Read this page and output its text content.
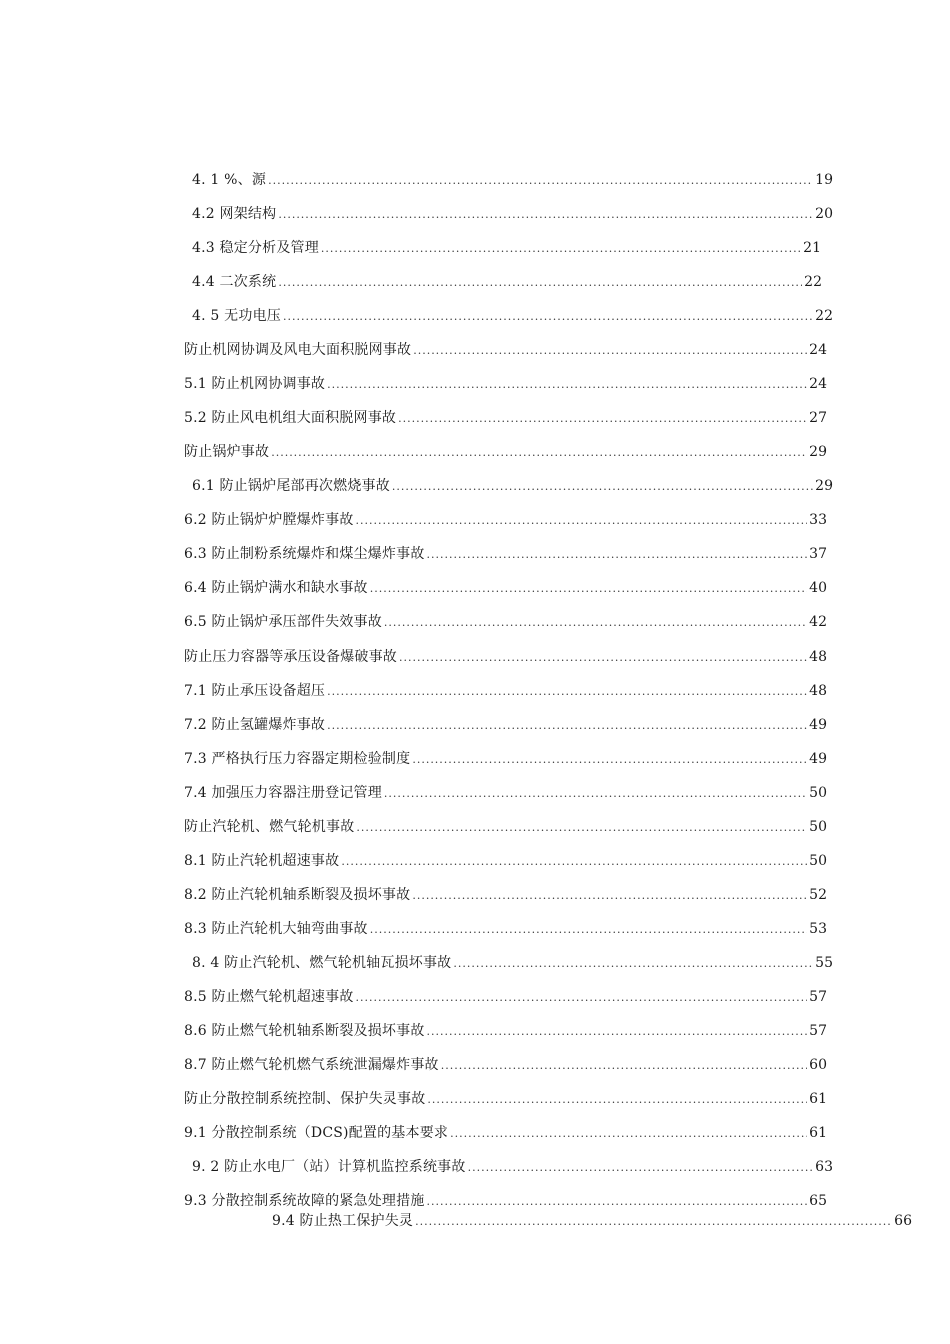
4. 1 %、源 .....	19
4.2 网架结构 .....	20
4.3 稳定分析及管理 .....	21
4.4 二次系统 .....	22
4. 5 无功电压 .....	22
防止机网协调及风电大面积脱网事故 .....	24
5.1 防止机网协调事故 .....	24
5.2 防止风电机组大面积脱网事故 .....	27
防止锅炉事故 .....	29
6.1 防止锅炉尾部再次燃烧事故 .....	29
6.2 防止锅炉炉膛爆炸事故 .....	33
6.3 防止制粉系统爆炸和煤尘爆炸事故 .....	37
6.4 防止锅炉满水和缺水事故 .....	40
6.5 防止锅炉承压部件失效事故 .....	42
防止压力容器等承压设备爆破事故 .....	48
7.1 防止承压设备超压 .....	48
7.2 防止氢罐爆炸事故 .....	49
7.3 严格执行压力容器定期检验制度 .....	49
7.4 加强压力容器注册登记管理 .....	50
防止汽轮机、燃气轮机事故 .....	50
8.1 防止汽轮机超速事故 .....	50
8.2 防止汽轮机轴系断裂及损坏事故 .....	52
8.3 防止汽轮机大轴弯曲事故 .....	53
8. 4 防止汽轮机、燃气轮机轴瓦损坏事故 .....	55
8.5 防止燃气轮机超速事故 .....	57
8.6 防止燃气轮机轴系断裂及损坏事故 .....	57
8.7 防止燃气轮机燃气系统泄漏爆炸事故 .....	60
防止分散控制系统控制、保护失灵事故 .....	61
9.1 分散控制系统（DCS)配置的基本要求 .....	61
9. 2 防止水电厂（站）计算机监控系统事故 .....	63
9.3 分散控制系统故障的紧急处理措施 .....	65
9.4 防止热工保护失灵 .....	66
